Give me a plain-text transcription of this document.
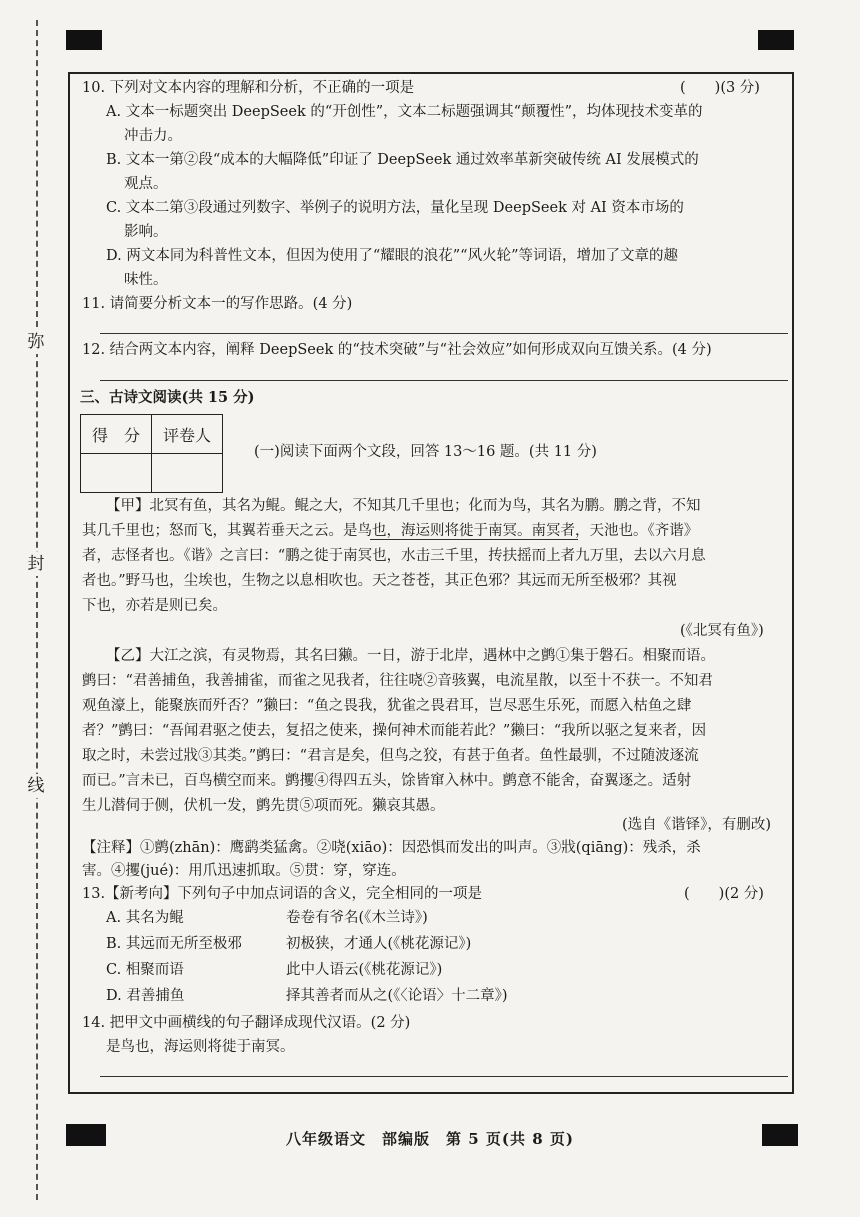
弥
封
线
10. 下列对文本内容的理解和分析，不正确的一项是	(　　)(3 分)
A. 文本一标题突出 DeepSeek 的“开创性”，文本二标题强调其“颠覆性”，均体现技术变革的
冲击力。
B. 文本一第②段“成本的大幅降低”印证了 DeepSeek 通过效率革新突破传统 AI 发展模式的
观点。
C. 文本二第③段通过列数字、举例子的说明方法，量化呈现 DeepSeek 对 AI 资本市场的
影响。
D. 两文本同为科普性文本，但因为使用了“耀眼的浪花”“风火轮”等词语，增加了文章的趣
味性。
11. 请简要分析文本一的写作思路。(4 分)
12. 结合两文本内容，阐释 DeepSeek 的“技术突破”与“社会效应”如何形成双向互馈关系。(4 分)
三、古诗文阅读(共 15 分)
得　分	评卷人

(一)阅读下面两个文段，回答 13～16 题。(共 11 分)
【甲】北冥有鱼，其名为鲲。鲲之大，不知其几千里也；化而为鸟，其名为鹏。鹏之背，不知
其几千里也；怒而飞，其翼若垂天之云。是鸟也，海运则将徙于南冥。南冥者，天池也。《齐谐》
者，志怪者也。《谐》之言曰：“鹏之徙于南冥也，水击三千里，抟扶摇而上者九万里，去以六月息
者也。”野马也，尘埃也，生物之以息相吹也。天之苍苍，其正色邪？其远而无所至极邪？其视
下也，亦若是则已矣。
(《北冥有鱼》)
【乙】大江之滨，有灵物焉，其名曰獭。一日，游于北岸，遇林中之鹯①集于磐石。相聚而语。
鹯曰：“君善捕鱼，我善捕雀，而雀之见我者，往往哓②音骇翼，电流星散，以至十不获一。不知君
观鱼濠上，能聚族而歼否？”獭曰：“鱼之畏我，犹雀之畏君耳，岂尽恶生乐死，而愿入枯鱼之肆
者？”鹯曰：“吾闻君驱之使去，复招之使来，操何神术而能若此？”獭曰：“我所以驱之复来者，因
取之时，未尝过戕③其类。”鹯曰：“君言是矣，但鸟之狡，有甚于鱼者。鱼性最驯，不过随波逐流
而已。”言未已，百鸟横空而来。鹯攫④得四五头，馀皆窜入林中。鹯意不能舍，奋翼逐之。适射
生儿潜伺于侧，伏机一发，鹯先贯⑤项而死。獭哀其愚。
(选自《谐铎》，有删改)
【注释】①鹯(zhān)：鹰鹞类猛禽。②哓(xiāo)：因恐惧而发出的叫声。③戕(qiāng)：残杀，杀
害。④攫(jué)：用爪迅速抓取。⑤贯：穿，穿连。
13.【新考向】下列句子中加点词语的含义，完全相同的一项是	(　　)(2 分)
A. 其名为鲲	卷卷有爷名(《木兰诗》)
B. 其远而无所至极邪	初极狭，才通人(《桃花源记》)
C. 相聚而语	此中人语云(《桃花源记》)
D. 君善捕鱼	择其善者而从之(《〈论语〉十二章》)
14. 把甲文中画横线的句子翻译成现代汉语。(2 分)
是鸟也，海运则将徙于南冥。
八年级语文　部编版　第 5 页(共 8 页)
